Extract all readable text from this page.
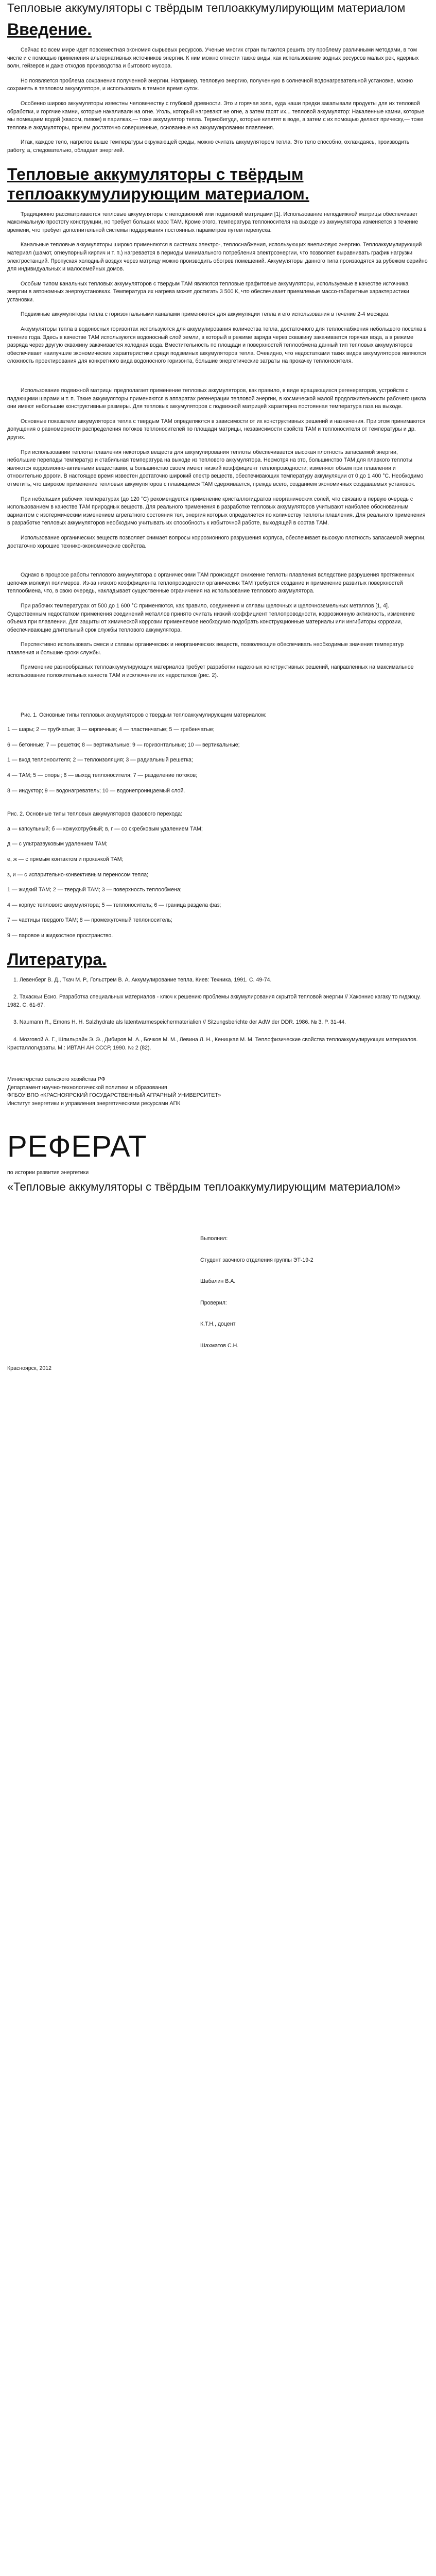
Тепловые аккумуляторы с твёрдым теплоаккумулирующим материалом
Введение.

Сейчас во всем мире идет повсеместная экономия сырьевых ресурсов. Ученые многих стран пытаются решить эту проблему различными методами, в том числе и с помощью применения альтернативных источников энергии. К ним можно отнести также виды, как использование водных ресурсов малых рек, ядерных волн, гейзеров и даже отходов производства и бытового мусора.

Но появляется проблема сохранения полученной энергии. Например, тепловую энергию, полученную в солнечной водонагревательной установке, можно сохранять в тепловом аккумуляторе, и использовать в темное время суток.

Особенно широко аккумуляторы известны человечеству с глубокой древности. Это и горячая зола, куда наши предки закапывали продукты для их тепловой обработки, и горячие камни, которые накаливали на огне. Уголь, который нагревают не огне, а затем гасят их... тепловой аккумулятор: Накаленные камни, которые мы помещаем водой (квасом, пивом) в парилках,— тоже аккумулятор тепла. Термобигуди, которые кипятят в воде, а затем с их помощью делают прическу,— тоже тепловые аккумуляторы, причем достаточно совершенные, основанные на аккумулировании плавления.

Итак, каждое тело, нагретое выше температуры окружающей среды, можно считать аккумулятором тепла. Это тело способно, охлаждаясь, производить работу, а, следовательно, обладает энергией.

Тепловые аккумуляторы с твёрдым теплоаккумулирующим материалом.

Традиционно рассматриваются тепловые аккумуляторы с неподвижной или подвижной матрицами [1]. Использование неподвижной матрицы обеспечивает максимальную простоту конструкции, но требует больших масс ТАМ. Кроме этого, температура теплоносителя на выходе из аккумулятора изменяется в течение времени, что требует дополнительной системы поддержания постоянных параметров путем перепуска.

Канальные тепловые аккумуляторы широко применяются в системах электро-, теплоснабжения, использующих внепиковую энергию. Теплоаккумулирующий материал (шамот, огнеупорный кирпич и т. п.) нагревается в периоды минимального потребления электроэнергии, что позволяет выравнивать график нагрузки электростанций. Пропуская холодный воздух через матрицу можно производить обогрев помещений. Аккумуляторы данного типа производятся за рубежом серийно для индивидуальных и малосемейных домов.

Особым типом канальных тепловых аккумуляторов с твердым ТАМ являются тепловые графитовые аккумуляторы, используемые в качестве источника энергии в автономных энергоустановках. Температура их нагрева может достигать 3 500 К, что обеспечивает приемлемые массо-габаритные характеристики установки.

Подвижные аккумуляторы тепла с горизонтальными каналами применяются для аккумуляции тепла и его использования в течение 2-4 месяцев.

Аккумуляторы тепла в водоносных горизонтах используются для аккумулирования количества тепла, достаточного для теплоснабжения небольшого поселка в течение года. Здесь в качестве ТАМ используются водоносный слой земли, в который в режиме заряда через скважину закачивается горячая вода, а в режиме разряда через другую скважину закачивается холодная вода. Вместительность по площади и поверхностей теплообмена данный тип тепловых аккумуляторов обеспечивает наилучшие экономические характеристики среди подземных аккумуляторов тепла. Очевидно, что недостатками таких видов аккумуляторов являются сложность проектирования для конкретного вида водоносного горизонта, большие энергетические затраты на прокачку теплоносителя.

Использование подвижной матрицы предполагает применение тепловых аккумуляторов, как правило, в виде вращающихся регенераторов, устройств с падающими шарами и т. п. Такие аккумуляторы применяются в аппаратах регенерации тепловой энергии, в космической малой продолжительности рабочего цикла они имеют небольшие конструктивные размеры. Для тепловых аккумуляторов с подвижной матрицей характерна постоянная температура газа на выходе.

Основные показатели аккумуляторов тепла с твердым ТАМ определяются в зависимости от их конструктивных решений и назначения. При этом принимаются допущения о равномерности распределения потоков теплоносителей по площади матрицы, независимости свойств ТАМ и теплоносителя от температуры и др. других.

При использовании теплоты плавления некоторых веществ для аккумулирования теплоты обеспечивается высокая плотность запасаемой энергии, небольшие перепады температур и стабильная температура на выходе из теплового аккумулятора. Несмотря на это, большинство ТАМ для плавкого теплоты являются коррозионно-активными веществами, а большинство своем имеют низкий коэффициент теплопроводности; изменяют объем при плавлении и относительно дороги. В настоящее время известен достаточно широкий спектр веществ, обеспечивающих температуру аккумуляции от 0 до 1 400 °С. Необходимо отметить, что широкое применение тепловых аккумуляторов с плавящимся ТАМ сдерживается, прежде всего, созданием экономичных создаваемых установок.

При небольших рабочих температурах (до 120 °С) рекомендуется применение кристаллогидратов неорганических солей, что связано в первую очередь с использованием в качестве ТАМ природных веществ. Для реального применения в разработке тепловых аккумуляторов учитывают наиболее обоснованным вариантом с изотермическим изменением агрегатного состояния тел, энергия которых определяется по количеству теплоты плавления. Для реального применения в разработке тепловых аккумуляторов необходимо учитывать их способность к избыточной работе, выходящей в состав ТАМ.

Использование органических веществ позволяет снимает вопросы коррозионного разрушения корпуса, обеспечивает высокую плотность запасаемой энергии, достаточно хорошие технико-экономические свойства.

Однако в процессе работы теплового аккумулятора с органическими ТАМ происходят снижение теплоты плавления вследствие разрушения протяженных цепочек молекул полимеров. Из-за низкого коэффициента теплопроводности органических ТАМ требуется создание и применение развитых поверхностей теплообмена, что, в свою очередь, накладывает существенные ограничения на использование теплового аккумулятора.

При рабочих температурах от 500 до 1 600 °С применяются, как правило, соединения и сплавы щелочных и щелочноземельных металлов [1, 4]. Существенным недостатком применения соединений металлов принято считать низкий коэффициент теплопроводности, коррозионную активность, изменение объема при плавлении. Для защиты от химической коррозии применяемое необходимо подобрать конструкционные материалы или ингибиторы коррозии, обеспечивающие длительный срок службы теплового аккумулятора.

Перспективно использовать смеси и сплавы органических и неорганических веществ, позволяющие обеспечивать необходимые значения температур плавления и большие сроки службы.

Применение разнообразных теплоаккумулирующих материалов требует разработки надежных конструктивных решений, направленных на максимальное использование положительных качеств ТАМ и исключение их недостатков (рис. 2).

Рис. 1. Основные типы тепловых аккумуляторов с твердым теплоаккумулирующим материалом:

1 — шары; 2 — трубчатые; 3 — кирпичные; 4 — пластинчатые; 5 — гребенчатые;
6 — бетонные; 7 — решетки; 8 — вертикальные; 9 — горизонтальные; 10 — вертикальные;
1 — вход теплоносителя; 2 — теплоизоляция; 3 — радиальный решетка;
4 — ТАМ; 5 — опоры; 6 — выход теплоносителя; 7 — разделение потоков;
8 — индуктор; 9 — водонагреватель; 10 — водонепроницаемый слой.

Рис. 2. Основные типы тепловых аккумуляторов фазового перехода:

а — капсульный; б — кожухотрубный; в, г — со скребковым удалением ТАМ;
д — с ультразвуковым удалением ТАМ;
е, ж — с прямым контактом и прокачкой ТАМ;
з, и — с испарительно-конвективным переносом тепла;
1 — жидкий ТАМ; 2 — твердый ТАМ; 3 — поверхность теплообмена;
4 — корпус теплового аккумулятора; 5 — теплоноситель; 6 — граница раздела фаз;
7 — частицы твердого ТАМ; 8 — промежуточный теплоноситель;
9 — паровое и жидкостное пространство.
Литература.
1. Левенберг В. Д., Ткач М. Р., Гольстрем В. А. Аккумулирование тепла. Киев: Техника, 1991. С. 49-74.
2. Тахаскьи Есио. Разработка специальных материалов - ключ к решению проблемы аккумулирования скрытой тепловой энергии // Хаконнио кагаку то гидзюцу. 1982. С. 61-67.
3. Naumann R., Emons H. H. Salzhydrate als latentwarmespeichermaterialien // Sitzungsberichte der AdW der DDR. 1986. № 3. P. 31-44.
4. Мозговой А. Г., Шпильрайн Э. Э., Дибиров М. А., Бочков М. М., Левина Л. Н., Кеницкая М. М. Теплофизические свойства теплоаккумулирующих материалов. Кристаллогидраты. М.: ИВТАН АН СССР, 1990. № 2 (82).
Министерство сельского хозяйства РФ
Департамент научно-технологической политики и образования
ФГБОУ ВПО «КРАСНОЯРСКИЙ ГОСУДАРСТВЕННЫЙ АГРАРНЫЙ УНИВЕРСИТЕТ»
Институт энергетики и управления энергетическими ресурсами АПК
РЕФЕРАТ
по истории развития энергетики
«Тепловые аккумуляторы с твёрдым теплоаккумулирующим материалом»
Выполнил:
Студент заочного отделения группы ЭТ-19-2
Шабалин В.А.
Проверил:
К.Т.Н., доцент
Шахматов С.Н.
Красноярск, 2012
